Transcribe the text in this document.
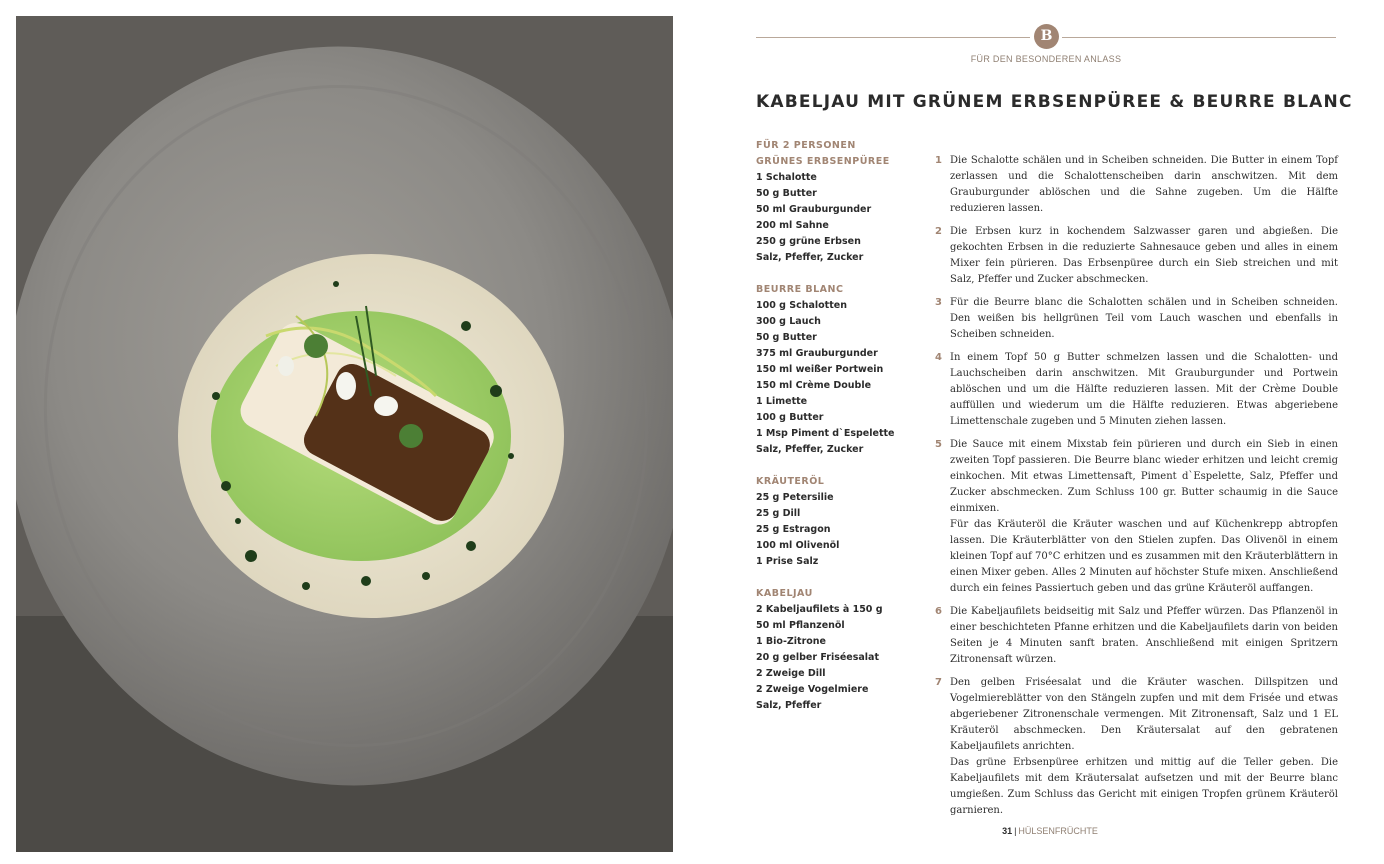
B
FÜR DEN BESONDEREN ANLASS
KABELJAU MIT GRÜNEM ERBSENPÜREE & BEURRE BLANC
FÜR 2 PERSONEN
GRÜNES ERBSENPÜREE
1 Schalotte
50 g Butter
50 ml Grauburgunder
200 ml Sahne
250 g grüne Erbsen
Salz, Pfeffer, Zucker
BEURRE BLANC
100 g Schalotten
300 g Lauch
50 g Butter
375 ml Grauburgunder
150 ml weißer Portwein
150 ml Crème Double
1 Limette
100 g Butter
1 Msp Piment d`Espelette
Salz, Pfeffer, Zucker
KRÄUTERÖL
25 g Petersilie
25 g Dill
25 g Estragon
100 ml Olivenöl
1 Prise Salz
KABELJAU
2 Kabeljaufilets à 150 g
50 ml Pflanzenöl
1 Bio-Zitrone
20 g gelber Friséesalat
2 Zweige Dill
2 Zweige Vogelmiere
Salz, Pfeffer
1 Die Schalotte schälen und in Scheiben schneiden. Die Butter in einem Topf zerlassen und die Schalottenscheiben darin anschwitzen. Mit dem Grauburgunder ablöschen und die Sahne zugeben. Um die Hälfte reduzieren lassen.
2 Die Erbsen kurz in kochendem Salzwasser garen und abgießen. Die gekochten Erbsen in die reduzierte Sahnesauce geben und alles in einem Mixer fein pürieren. Das Erbsenpüree durch ein Sieb streichen und mit Salz, Pfeffer und Zucker abschmecken.
3 Für die Beurre blanc die Schalotten schälen und in Scheiben schneiden. Den weißen bis hellgrünen Teil vom Lauch waschen und ebenfalls in Scheiben schneiden.
4 In einem Topf 50 g Butter schmelzen lassen und die Schalotten- und Lauchscheiben darin anschwitzen. Mit Grauburgunder und Portwein ablöschen und um die Hälfte reduzieren lassen. Mit der Crème Double auffüllen und wiederum um die Hälfte reduzieren. Etwas abgeriebene Limettenschale zugeben und 5 Minuten ziehen lassen.
5 Die Sauce mit einem Mixstab fein pürieren und durch ein Sieb in einen zweiten Topf passieren. Die Beurre blanc wieder erhitzen und leicht cremig einkochen. Mit etwas Limettensaft, Piment d`Espelette, Salz, Pfeffer und Zucker abschmecken. Zum Schluss 100 gr. Butter schaumig in die Sauce einmixen.
Für das Kräuteröl die Kräuter waschen und auf Küchenkrepp abtropfen lassen. Die Kräuterblätter von den Stielen zupfen. Das Olivenöl in einem kleinen Topf auf 70°C erhitzen und es zusammen mit den Kräuterblättern in einen Mixer geben. Alles 2 Minuten auf höchster Stufe mixen. Anschließend durch ein feines Passiertuch geben und das grüne Kräuteröl auffangen.
6 Die Kabeljaufilets beidseitig mit Salz und Pfeffer würzen. Das Pflanzenöl in einer beschichteten Pfanne erhitzen und die Kabeljaufilets darin von beiden Seiten je 4 Minuten sanft braten. Anschließend mit einigen Spritzern Zitronensaft würzen.
7 Den gelben Friséesalat und die Kräuter waschen. Dillspitzen und Vogelmiereblätter von den Stängeln zupfen und mit dem Frisée und etwas abgeriebener Zitronenschale vermengen. Mit Zitronensaft, Salz und 1 EL Kräuteröl abschmecken. Den Kräutersalat auf den gebratenen Kabeljaufilets anrichten.
Das grüne Erbsenpüree erhitzen und mittig auf die Teller geben. Die Kabeljaufilets mit dem Kräutersalat aufsetzen und mit der Beurre blanc umgießen. Zum Schluss das Gericht mit einigen Tropfen grünem Kräuteröl garnieren.
31 | HÜLSENFRÜCHTE
